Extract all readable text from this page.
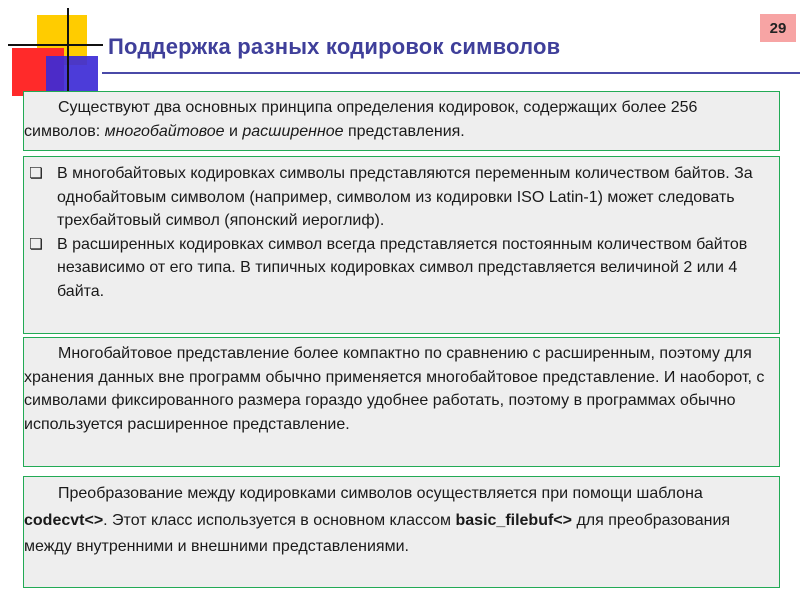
Поддержка разных кодировок символов
29

Существуют два основных принципа определения кодировок, содержащих более 256 символов: многобайтовое и расширенное представления.

❏ В многобайтовых кодировках символы представляются переменным количеством байтов. За однобайтовым символом (например, символом из кодировки ISO Latin-1) может следовать трехбайтовый символ (японский иероглиф).
❏ В расширенных кодировках символ всегда представляется постоянным количеством байтов независимо от его типа. В типичных кодировках символ представляется величиной 2 или 4 байта.

Многобайтовое представление более компактно по сравнению с расширенным, поэтому для хранения данных вне программ обычно применяется многобайтовое представление. И наоборот, с символами фиксированного размера гораздо удобнее работать, поэтому в программах обычно используется расширенное представление.

Преобразование между кодировками символов осуществляется при помощи шаблона codecvt<>. Этот класс используется в основном классом basic_filebuf<> для преобразования между внутренними и внешними представлениями.
